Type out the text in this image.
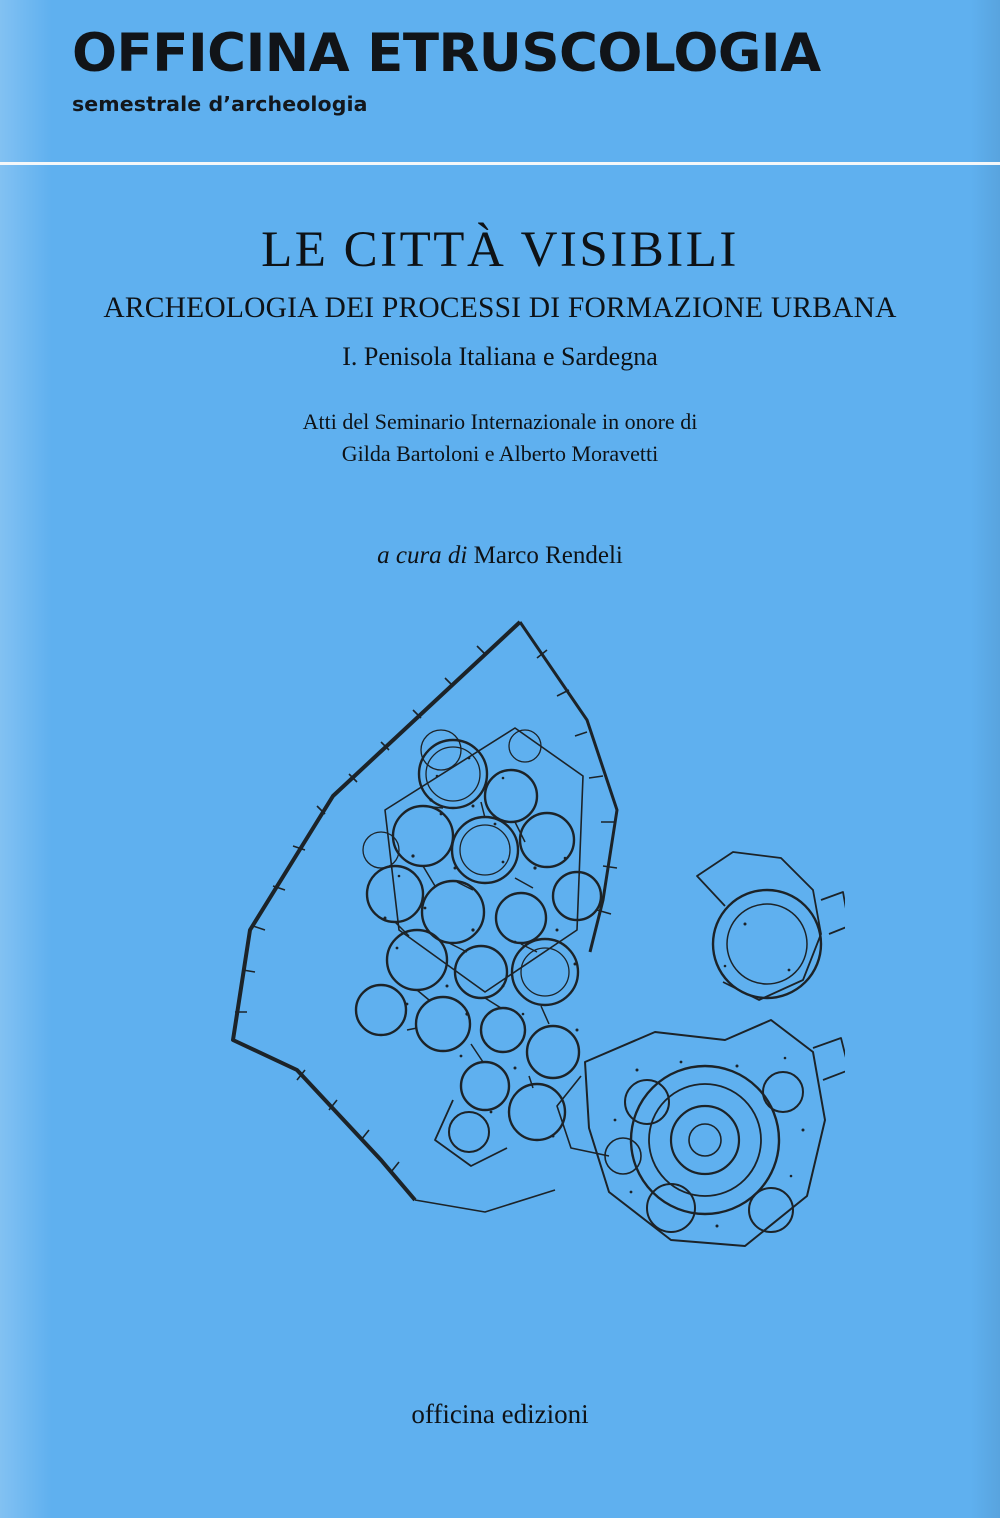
OFFICINA ETRUSCOLOGIA
semestrale d’archeologia
LE CITTÀ VISIBILI
ARCHEOLOGIA DEI PROCESSI DI FORMAZIONE URBANA
I. Penisola Italiana e Sardegna
Atti del Seminario Internazionale in onore di
Gilda Bartoloni e Alberto Moravetti
a cura di Marco Rendeli
officina edizioni
